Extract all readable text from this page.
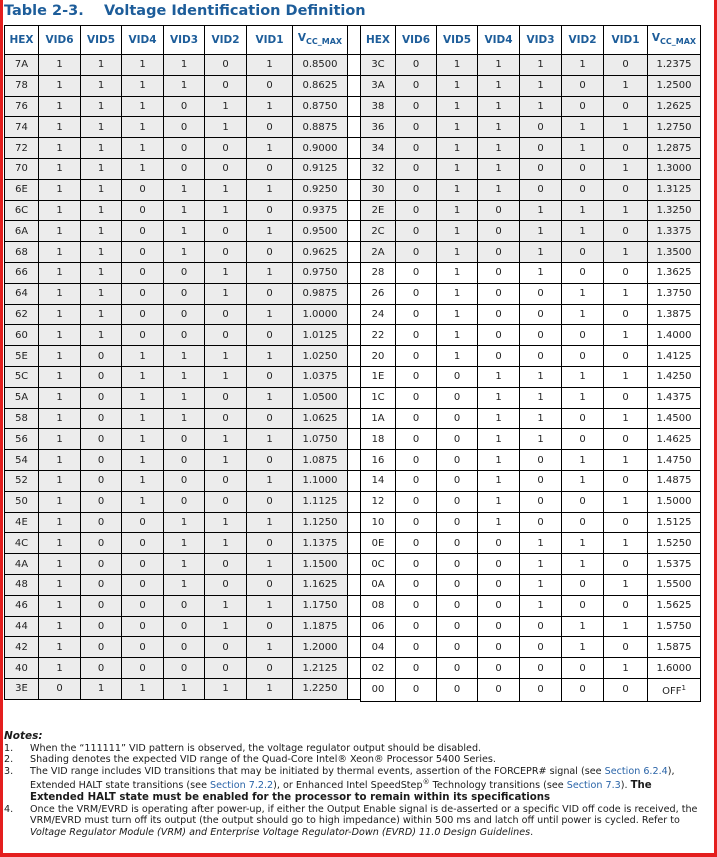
Table 2-3. Voltage Identification Definition
HEX	VID6	VID5	VID4	VID3	VID2	VID1	$V_{CC\_MAX}$	
7A	1	1	1	1	0	1	0.8500	
78	1	1	1	1	0	0	0.8625	
76	1	1	1	0	1	1	0.8750	
74	1	1	1	0	1	0	0.8875	
72	1	1	1	0	0	1	0.9000	
70	1	1	1	0	0	0	0.9125	
6E	1	1	0	1	1	1	0.9250	
6C	1	1	0	1	1	0	0.9375	
6A	1	1	0	1	0	1	0.9500	
68	1	1	0	1	0	0	0.9625	
66	1	1	0	0	1	1	0.9750	
64	1	1	0	0	1	0	0.9875	
62	1	1	0	0	0	1	1.0000	
60	1	1	0	0	0	0	1.0125	
5E	1	0	1	1	1	1	1.0250	
5C	1	0	1	1	1	0	1.0375	
5A	1	0	1	1	0	1	1.0500	
58	1	0	1	1	0	0	1.0625	
56	1	0	1	0	1	1	1.0750	
54	1	0	1	0	1	0	1.0875	
52	1	0	1	0	0	1	1.1000	
50	1	0	1	0	0	0	1.1125	
4E	1	0	0	1	1	1	1.1250	
4C	1	0	0	1	1	0	1.1375	
4A	1	0	0	1	0	1	1.1500	
48	1	0	0	1	0	0	1.1625	
46	1	0	0	0	1	1	1.1750	
44	1	0	0	0	1	0	1.1875	
42	1	0	0	0	0	1	1.2000	
40	1	0	0	0	0	0	1.2125	
3E	0	1	1	1	1	1	1.2250	
HEX	VID6	VID5	VID4	VID3	VID2	VID1	$V_{CC\_MAX}$
3C	0	1	1	1	1	0	1.2375
3A	0	1	1	1	0	1	1.2500
38	0	1	1	1	0	0	1.2625
36	0	1	1	0	1	1	1.2750
34	0	1	1	0	1	0	1.2875
32	0	1	1	0	0	1	1.3000
30	0	1	1	0	0	0	1.3125
2E	0	1	0	1	1	1	1.3250
2C	0	1	0	1	1	0	1.3375
2A	0	1	0	1	0	1	1.3500
28	0	1	0	1	0	0	1.3625
26	0	1	0	0	1	1	1.3750
24	0	1	0	0	1	0	1.3875
22	0	1	0	0	0	1	1.4000
20	0	1	0	0	0	0	1.4125
1E	0	0	1	1	1	1	1.4250
1C	0	0	1	1	1	0	1.4375
1A	0	0	1	1	0	1	1.4500
18	0	0	1	1	0	0	1.4625
16	0	0	1	0	1	1	1.4750
14	0	0	1	0	1	0	1.4875
12	0	0	1	0	0	1	1.5000
10	0	0	1	0	0	0	1.5125
0E	0	0	0	1	1	1	1.5250
0C	0	0	0	1	1	0	1.5375
0A	0	0	0	1	0	1	1.5500
08	0	0	0	1	0	0	1.5625
06	0	0	0	0	1	1	1.5750
04	0	0	0	0	1	0	1.5875
02	0	0	0	0	0	1	1.6000
00	0	0	0	0	0	0	OFF$^1$
Notes:
1.	When the “111111” VID pattern is observed, the voltage regulator output should be disabled.
2.	Shading denotes the expected VID range of the Quad-Core Intel® Xeon® Processor 5400 Series.
3.	The VID range includes VID transitions that may be initiated by thermal events, assertion of the FORCEPR# signal (see Section 6.2.4), Extended HALT state transitions (see Section 7.2.2), or Enhanced Intel SpeedStep® Technology transitions (see Section 7.3). The Extended HALT state must be enabled for the processor to remain within its specifications
4.	Once the VRM/EVRD is operating after power-up, if either the Output Enable signal is de-asserted or a specific VID off code is received, the VRM/EVRD must turn off its output (the output should go to high impedance) within 500 ms and latch off until power is cycled. Refer to Voltage Regulator Module (VRM) and Enterprise Voltage Regulator-Down (EVRD) 11.0 Design Guidelines.
